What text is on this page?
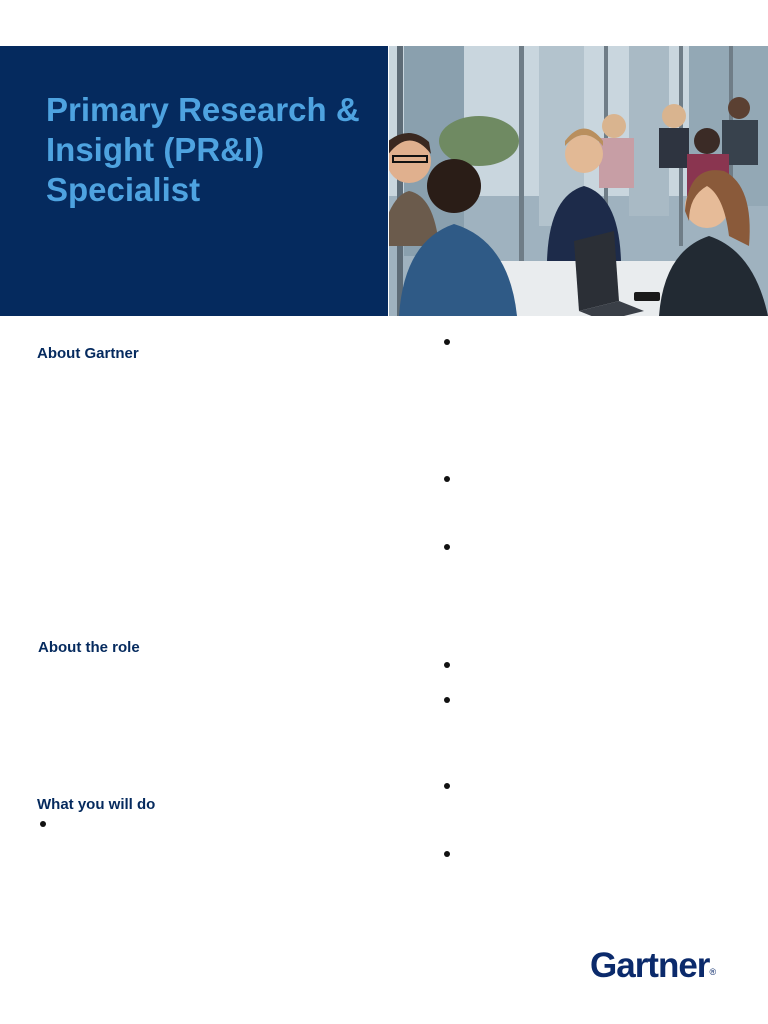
Primary Research & Insight (PR&I) Specialist
About Gartner
About the role
What you will do
Gartner®
